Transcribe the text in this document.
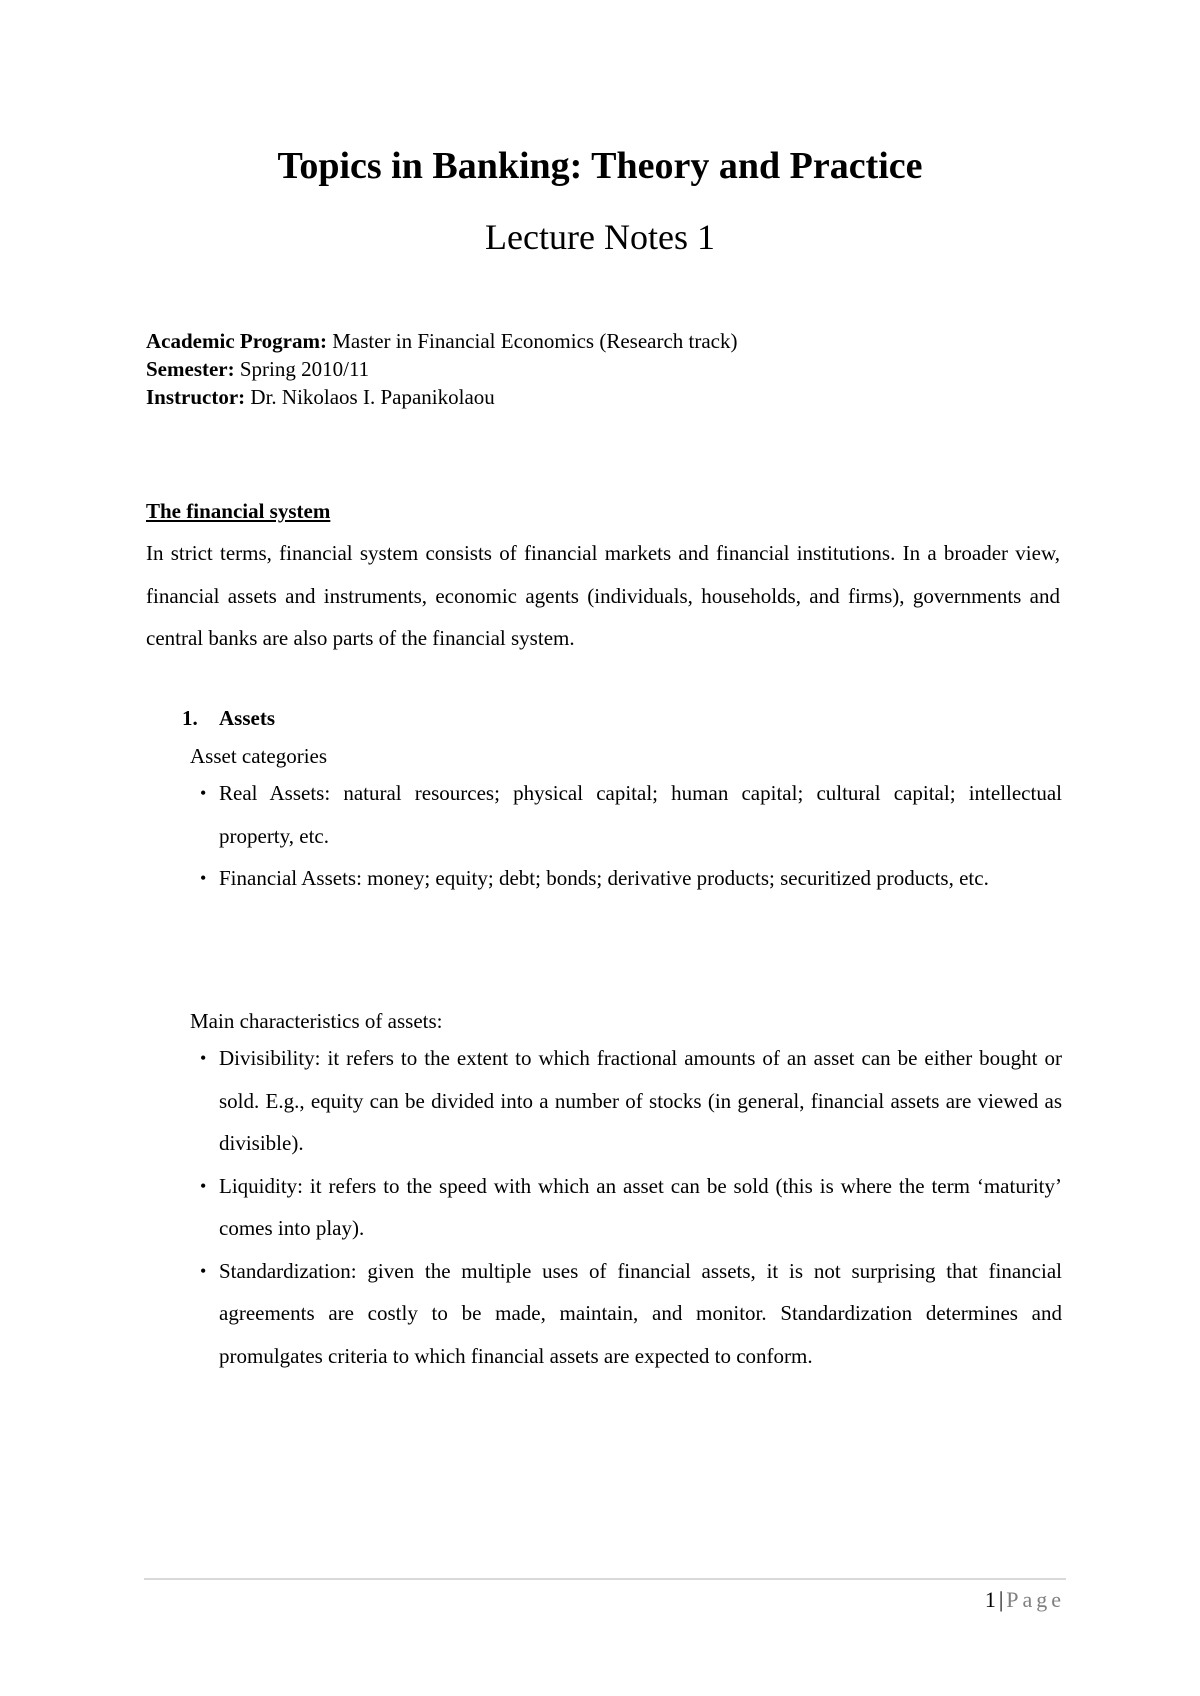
Topics in Banking: Theory and Practice
Lecture Notes 1
Academic Program: Master in Financial Economics (Research track)
Semester: Spring 2010/11
Instructor: Dr. Nikolaos I. Papanikolaou
The financial system
In strict terms, financial system consists of financial markets and financial institutions. In a broader view, financial assets and instruments, economic agents (individuals, households, and firms), governments and central banks are also parts of the financial system.
1. Assets
Asset categories
• Real Assets: natural resources; physical capital; human capital; cultural capital; intellectual property, etc.
• Financial Assets: money; equity; debt; bonds; derivative products; securitized products, etc.
Main characteristics of assets:
• Divisibility: it refers to the extent to which fractional amounts of an asset can be either bought or sold. E.g., equity can be divided into a number of stocks (in general, financial assets are viewed as divisible).
• Liquidity: it refers to the speed with which an asset can be sold (this is where the term ‘maturity’ comes into play).
• Standardization: given the multiple uses of financial assets, it is not surprising that financial agreements are costly to be made, maintain, and monitor. Standardization determines and promulgates criteria to which financial assets are expected to conform.
1 | Page
